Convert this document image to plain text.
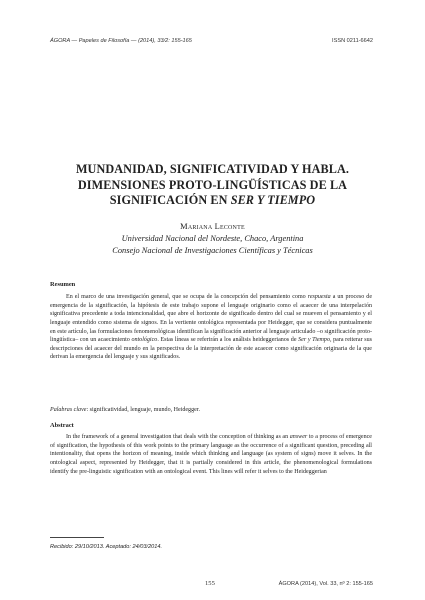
ÁGORA — Papeles de Filosofía — (2014), 33/2: 155-165	ISSN 0211-6642
MUNDANIDAD, SIGNIFICATIVIDAD Y HABLA.
DIMENSIONES PROTO-LINGÜÍSTICAS DE LA
SIGNIFICACIÓN EN SER Y TIEMPO
Mariana Leconte
Universidad Nacional del Nordeste, Chaco, Argentina
Consejo Nacional de Investigaciones Científicas y Técnicas
Resumen
En el marco de una investigación general, que se ocupa de la concepción del pensamiento como respuesta a un proceso de emergencia de la significación, la hipótesis de este trabajo supone el lenguaje originario como el acaecer de una interpelación significativa precedente a toda intencionalidad, que abre el horizonte de significado dentro del cual se mueven el pensamiento y el lenguaje entendido como sistema de signos. En la vertiente ontológica representada por Heidegger, que se considera puntualmente en este artículo, las formulaciones fenomenológicas identifican la significación anterior al lenguaje articulado –o significación proto-lingüística– con un acaecimiento ontológico. Estas líneas se referirán a los análisis heideggerianos de Ser y Tiempo, para reiterar sus descripciones del acaecer del mundo en la perspectiva de la interpretación de este acaecer como significación originaria de la que derivan la emergencia del lenguaje y sus significados.
Palabras clave: significatividad, lenguaje, mundo, Heidegger.
Abstract
In the framework of a general investigation that deals with the conception of thinking as an answer to a process of emergence of signification, the hypothesis of this work points to the primary language as the occurrence of a significant question, preceding all intentionality, that opens the horizon of meaning, inside which thinking and language (as system of signs) move it selves. In the ontological aspect, represented by Heidegger, that it is partially considered in this article, the phenomenological formulations identify the pre-linguistic signification with an ontological event. This lines will refer it selves to the Heideggerian
Recibido: 29/10/2013. Aceptado: 24/03/2014.
155	ÁGORA (2014), Vol. 33, nº 2: 155-165
